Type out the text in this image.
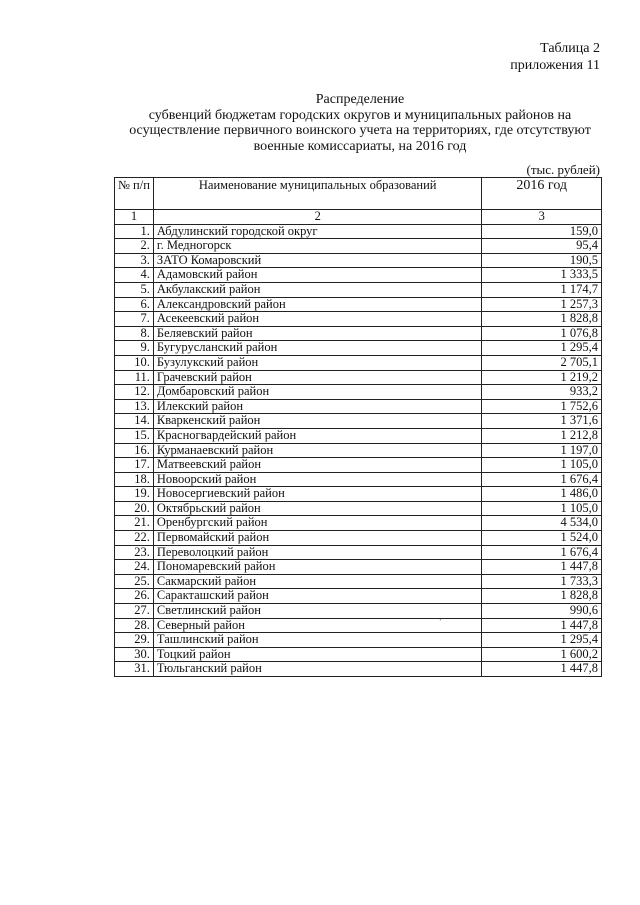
Таблица 2
приложения 11
Распределение
субвенций бюджетам городских округов и муниципальных районов на
осуществление первичного воинского учета на территориях, где отсутствуют
военные комиссариаты, на 2016 год
(тыс. рублей)
№ п/п	Наименование муниципальных образований	2016 год
1	2	3
1.	Абдулинский городской округ	159,0
2.	г. Медногорск	95,4
3.	ЗАТО Комаровский	190,5
4.	Адамовский район	1 333,5
5.	Акбулакский район	1 174,7
6.	Александровский район	1 257,3
7.	Асекеевский район	1 828,8
8.	Беляевский район	1 076,8
9.	Бугурусланский район	1 295,4
10.	Бузулукский район	2 705,1
11.	Грачевский район	1 219,2
12.	Домбаровский район	933,2
13.	Илекский район	1 752,6
14.	Кваркенский район	1 371,6
15.	Красногвардейский район	1 212,8
16.	Курманаевский район	1 197,0
17.	Матвеевский район	1 105,0
18.	Новоорский район	1 676,4
19.	Новосергиевский район	1 486,0
20.	Октябрьский район	1 105,0
21.	Оренбургский район	4 534,0
22.	Первомайский район	1 524,0
23.	Переволоцкий район	1 676,4
24.	Пономаревский район	1 447,8
25.	Сакмарский район	1 733,3
26.	Саракташский район	1 828,8
27.	Светлинский район	990,6
28.	Северный район	1 447,8
29.	Ташлинский район	1 295,4
30.	Тоцкий район	1 600,2
31.	Тюльганский район	1 447,8
’
